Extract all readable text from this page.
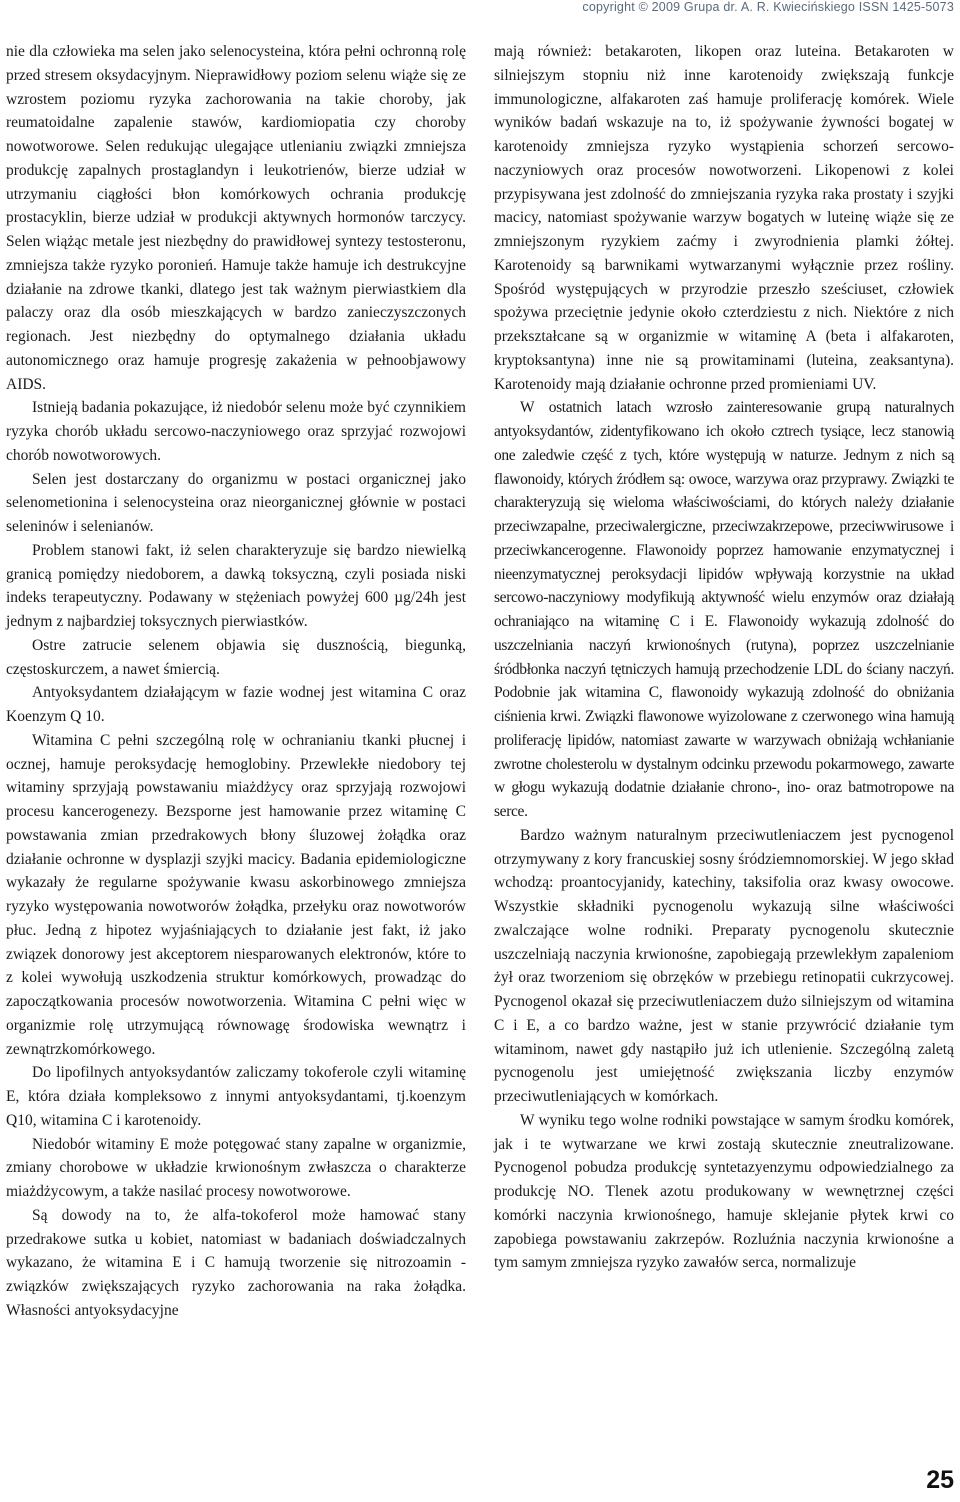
copyright © 2009 Grupa dr. A. R. Kwiecińskiego ISSN 1425-5073

nie dla człowieka ma selen jako selenocysteina, która pełni ochronną rolę przed stresem oksydacyjnym. Nieprawidłowy poziom selenu wiąże się ze wzrostem poziomu ryzyka zachorowania na takie choroby, jak reumatoidalne zapalenie stawów, kardiomiopatia czy choroby nowotworowe. Selen redukując ulegające utlenianiu związki zmniejsza produkcję zapalnych prostaglandyn i leukotrienów, bierze udział w utrzymaniu ciągłości błon komórkowych ochrania produkcję prostacyklin, bierze udział w produkcji aktywnych hormonów tarczycy. Selen wiążąc metale jest niezbędny do prawidłowej syntezy testosteronu, zmniejsza także ryzyko poronień. Hamuje także hamuje ich destrukcyjne działanie na zdrowe tkanki, dlatego jest tak ważnym pierwiastkiem dla palaczy oraz dla osób mieszkających w bardzo zanieczyszczonych regionach. Jest niezbędny do optymalnego działania układu autonomicznego oraz hamuje progresję zakażenia w pełnoobjawowy AIDS.

Istnieją badania pokazujące, iż niedobór selenu może być czynnikiem ryzyka chorób układu sercowo-naczyniowego oraz sprzyjać rozwojowi chorób nowotworowych.

Selen jest dostarczany do organizmu w postaci organicznej jako selenometionina i selenocysteina oraz nieorganicznej głównie w postaci seleninów i selenianów.

Problem stanowi fakt, iż selen charakteryzuje się bardzo niewielką granicą pomiędzy niedoborem, a dawką toksyczną, czyli posiada niski indeks terapeutyczny. Podawany w stężeniach powyżej 600 µg/24h jest jednym z najbardziej toksycznych pierwiastków.

Ostre zatrucie selenem objawia się dusznością, biegunką, częstoskurczem, a nawet śmiercią.

Antyoksydantem działającym w fazie wodnej jest witamina C oraz Koenzym Q 10.

Witamina C pełni szczególną rolę w ochranianiu tkanki płucnej i ocznej, hamuje peroksydację hemoglobiny. Przewlekłe niedobory tej witaminy sprzyjają powstawaniu miażdżycy oraz sprzyjają rozwojowi procesu kancerogenezy. Bezsporne jest hamowanie przez witaminę C powstawania zmian przedrakowych błony śluzowej żołądka oraz działanie ochronne w dysplazji szyjki macicy. Badania epidemiologiczne wykazały że regularne spożywanie kwasu askorbinowego zmniejsza ryzyko występowania nowotworów żołądka, przełyku oraz nowotworów płuc. Jedną z hipotez wyjaśniających to działanie jest fakt, iż jako związek donorowy jest akceptorem niesparowanych elektronów, które to z kolei wywołują uszkodzenia struktur komórkowych, prowadząc do zapoczątkowania procesów nowotworzenia. Witamina C pełni więc w organizmie rolę utrzymującą równowagę środowiska wewnątrz i zewnątrzkomórkowego.

Do lipofilnych antyoksydantów zaliczamy tokoferole czyli witaminę E, która działa kompleksowo z innymi antyoksydantami, tj.koenzym Q10, witamina C i karotenoidy.

Niedobór witaminy E może potęgować stany zapalne w organizmie, zmiany chorobowe w układzie krwionośnym zwłaszcza o charakterze miażdżycowym, a także nasilać procesy nowotworowe.

Są dowody na to, że alfa-tokoferol może hamować stany przedrakowe sutka u kobiet, natomiast w badaniach doświadczalnych wykazano, że witamina E i C hamują tworzenie się nitrozoamin - związków zwiększających ryzyko zachorowania na raka żołądka. Własności antyoksydacyjne

mają również: betakaroten, likopen oraz luteina. Betakaroten w silniejszym stopniu niż inne karotenoidy zwiększają funkcje immunologiczne, alfakaroten zaś hamuje proliferację komórek. Wiele wyników badań wskazuje na to, iż spożywanie żywności bogatej w karotenoidy zmniejsza ryzyko wystąpienia schorzeń sercowo-naczyniowych oraz procesów nowotworzeni. Likopenowi z kolei przypisywana jest zdolność do zmniejszania ryzyka raka prostaty i szyjki macicy, natomiast spożywanie warzyw bogatych w luteinę wiąże się ze zmniejszonym ryzykiem zaćmy i zwyrodnienia plamki żółtej. Karotenoidy są barwnikami wytwarzanymi wyłącznie przez rośliny. Spośród występujących w przyrodzie przeszło sześciuset, człowiek spożywa przeciętnie jedynie około czterdziestu z nich. Niektóre z nich przekształcane są w organizmie w witaminę A (beta i alfakaroten, kryptoksantyna) inne nie są prowitaminami (luteina, zeaksantyna). Karotenoidy mają działanie ochronne przed promieniami UV.

W ostatnich latach wzrosło zainteresowanie grupą naturalnych antyoksydantów, zidentyfikowano ich około cztrech tysiące, lecz stanowią one zaledwie część z tych, które występują w naturze. Jednym z nich są flawonoidy, których źródłem są: owoce, warzywa oraz przyprawy. Związki te charakteryzują się wieloma właściwościami, do których należy działanie przeciwzapalne, przeciwalergiczne, przeciwzakrzepowe, przeciwwirusowe i przeciwkancerogenne. Flawonoidy poprzez hamowanie enzymatycznej i nieenzymatycznej peroksydacji lipidów wpływają korzystnie na układ sercowo-naczyniowy modyfikują aktywność wielu enzymów oraz działają ochraniająco na witaminę C i E. Flawonoidy wykazują zdolność do uszczelniania naczyń krwionośnych (rutyna), poprzez uszczelnianie śródbłonka naczyń tętniczych hamują przechodzenie LDL do ściany naczyń. Podobnie jak witamina C, flawonoidy wykazują zdolność do obniżania ciśnienia krwi. Związki flawonowe wyizolowane z czerwonego wina hamują proliferację lipidów, natomiast zawarte w warzywach obniżają wchłanianie zwrotne cholesterolu w dystalnym odcinku przewodu pokarmowego, zawarte w głogu wykazują dodatnie działanie chrono-, ino- oraz batmotropowe na serce.

Bardzo ważnym naturalnym przeciwutleniaczem jest pycnogenol otrzymywany z kory francuskiej sosny śródziemnomorskiej. W jego skład wchodzą: proantocyjanidy, katechiny, taksifolia oraz kwasy owocowe. Wszystkie składniki pycnogenolu wykazują silne właściwości zwalczające wolne rodniki. Preparaty pycnogenolu skutecznie uszczelniają naczynia krwionośne, zapobiegają przewlekłym zapaleniom żył oraz tworzeniom się obrzęków w przebiegu retinopatii cukrzycowej. Pycnogenol okazał się przeciwutleniaczem dużo silniejszym od witamina C i E, a co bardzo ważne, jest w stanie przywrócić działanie tym witaminom, nawet gdy nastąpiło już ich utlenienie. Szczególną zaletą pycnogenolu jest umiejętność zwiększania liczby enzymów przeciwutleniających w komórkach.

W wyniku tego wolne rodniki powstające w samym środku komórek, jak i te wytwarzane we krwi zostają skutecznie zneutralizowane. Pycnogenol pobudza produkcję syntetazyenzymu odpowiedzialnego za produkcję NO. Tlenek azotu produkowany w wewnętrznej części komórki naczynia krwionośnego, hamuje sklejanie płytek krwi co zapobiega powstawaniu zakrzepów. Rozluźnia naczynia krwionośne a tym samym zmniejsza ryzyko zawałów serca, normalizuje

25
